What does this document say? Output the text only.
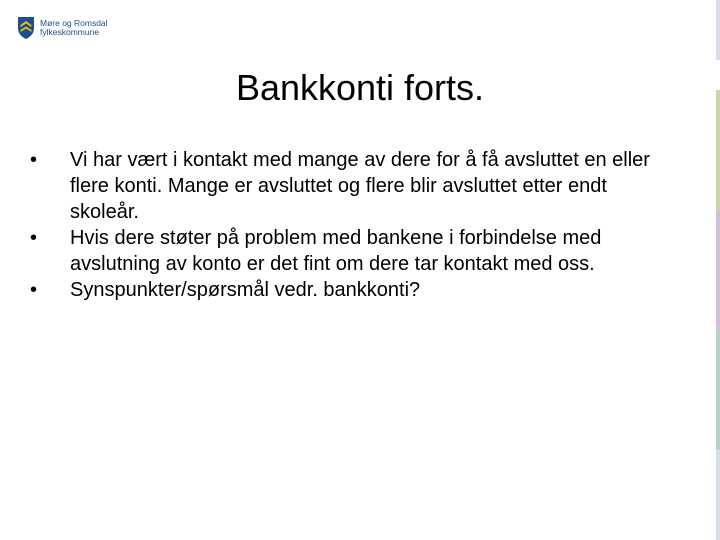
Møre og Romsdal
fylkeskommune
Bankkonti forts.
•	Vi har vært i kontakt med mange av dere for å få avsluttet en eller flere konti. Mange er avsluttet og flere blir avsluttet etter endt skoleår.
•	Hvis dere støter på problem med bankene i forbindelse med avslutning av konto er det fint om dere tar kontakt med oss.
•	Synspunkter/spørsmål vedr. bankkonti?
